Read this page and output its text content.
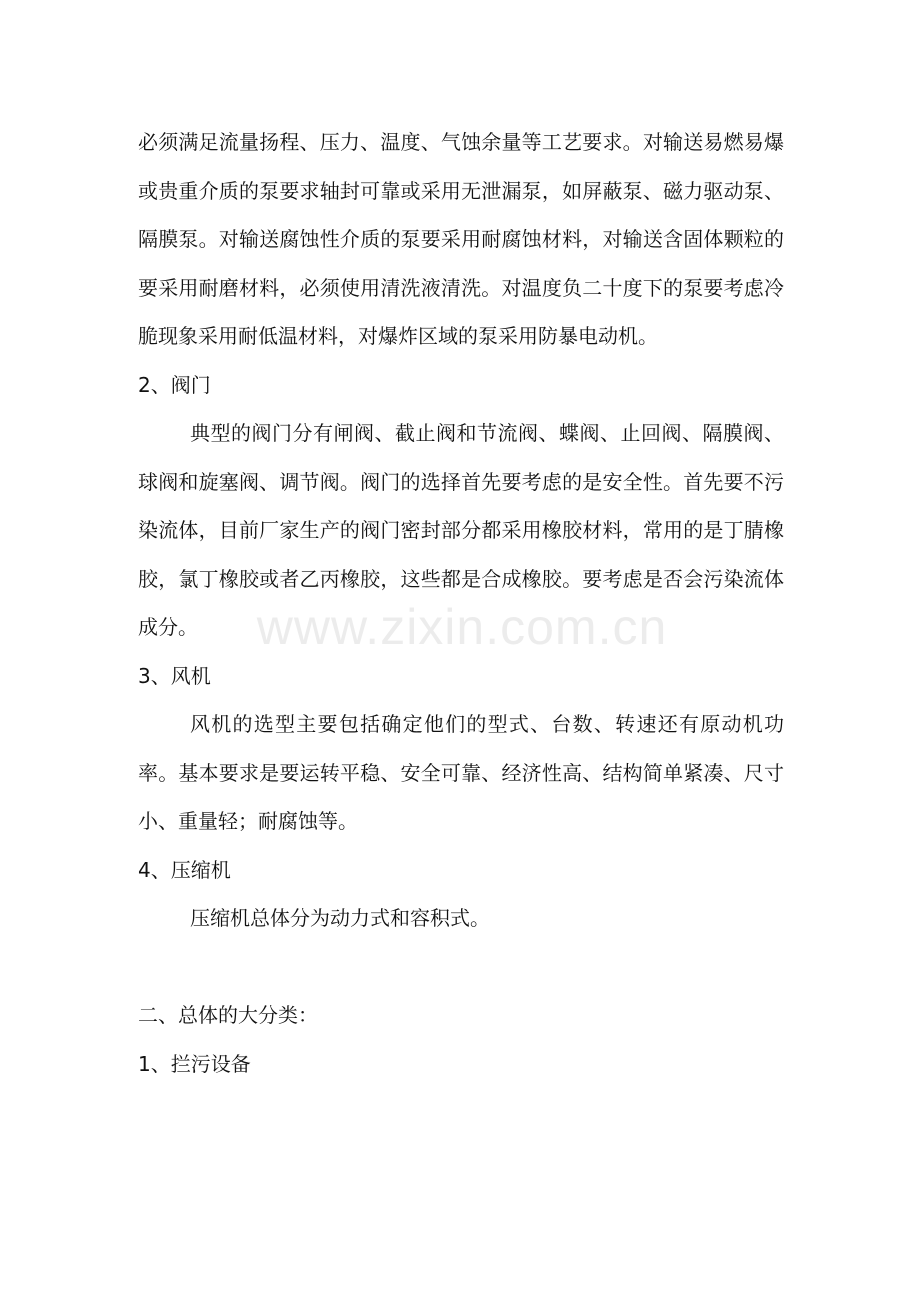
必须满足流量扬程、压力、温度、气蚀余量等工艺要求。对输送易燃易爆或贵重介质的泵要求轴封可靠或采用无泄漏泵，如屏蔽泵、磁力驱动泵、隔膜泵。对输送腐蚀性介质的泵要采用耐腐蚀材料，对输送含固体颗粒的要采用耐磨材料，必须使用清洗液清洗。对温度负二十度下的泵要考虑冷脆现象采用耐低温材料，对爆炸区域的泵采用防暴电动机。

2、阀门

典型的阀门分有闸阀、截止阀和节流阀、蝶阀、止回阀、隔膜阀、球阀和旋塞阀、调节阀。阀门的选择首先要考虑的是安全性。首先要不污染流体，目前厂家生产的阀门密封部分都采用橡胶材料，常用的是丁腈橡胶，氯丁橡胶或者乙丙橡胶，这些都是合成橡胶。要考虑是否会污染流体成分。

3、风机

风机的选型主要包括确定他们的型式、台数、转速还有原动机功率。基本要求是要运转平稳、安全可靠、经济性高、结构简单紧凑、尺寸小、重量轻；耐腐蚀等。

4、压缩机

压缩机总体分为动力式和容积式。

二、总体的大分类：

1、拦污设备

www.zixin.com.cn
